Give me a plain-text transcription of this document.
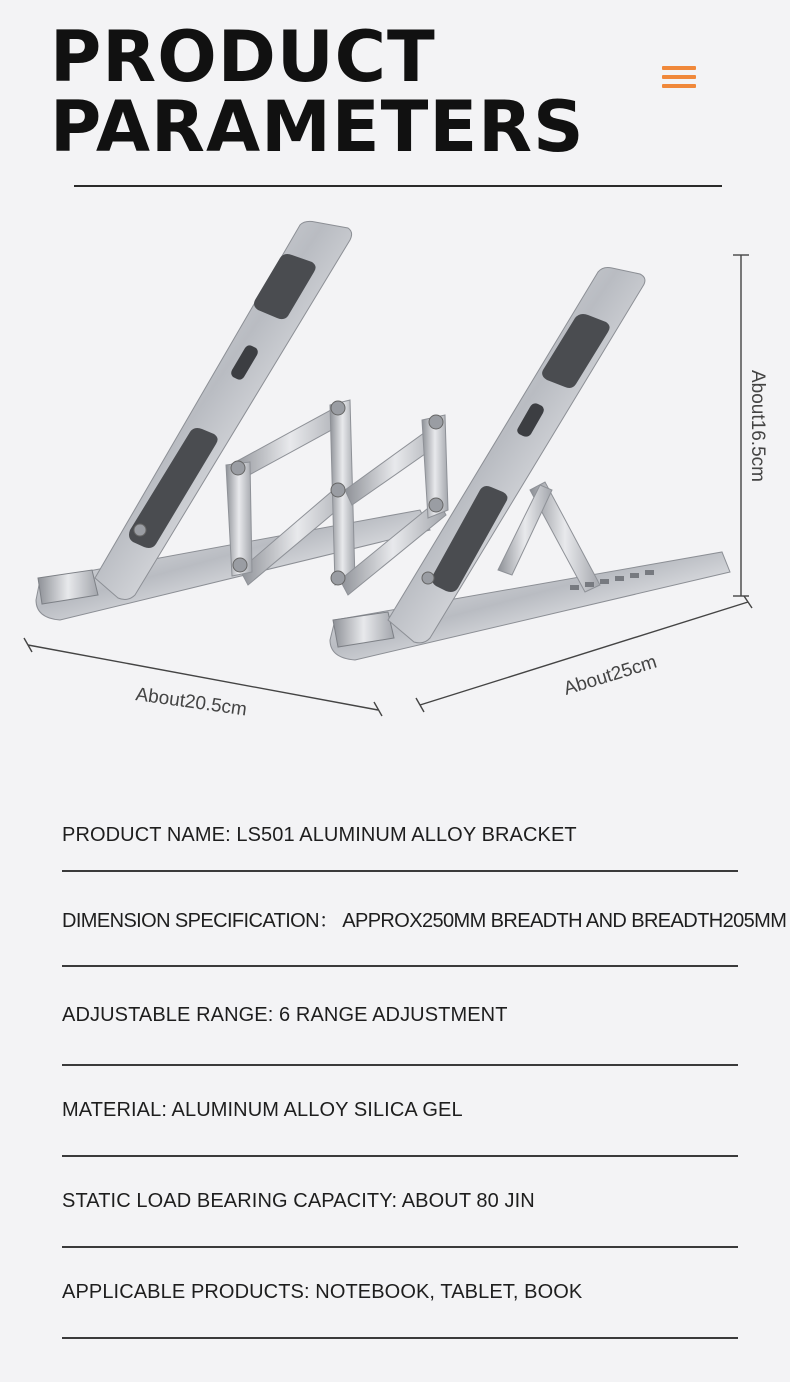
PRODUCT
PARAMETERS
About20.5cm
About25cm
About16.5cm
PRODUCT NAME: LS501 ALUMINUM ALLOY BRACKET
DIMENSION SPECIFICATION： APPROX250MM BREADTH AND BREADTH205MM
ADJUSTABLE RANGE: 6 RANGE ADJUSTMENT
MATERIAL: ALUMINUM ALLOY SILICA GEL
STATIC LOAD BEARING CAPACITY: ABOUT 80 JIN
APPLICABLE PRODUCTS: NOTEBOOK, TABLET, BOOK
